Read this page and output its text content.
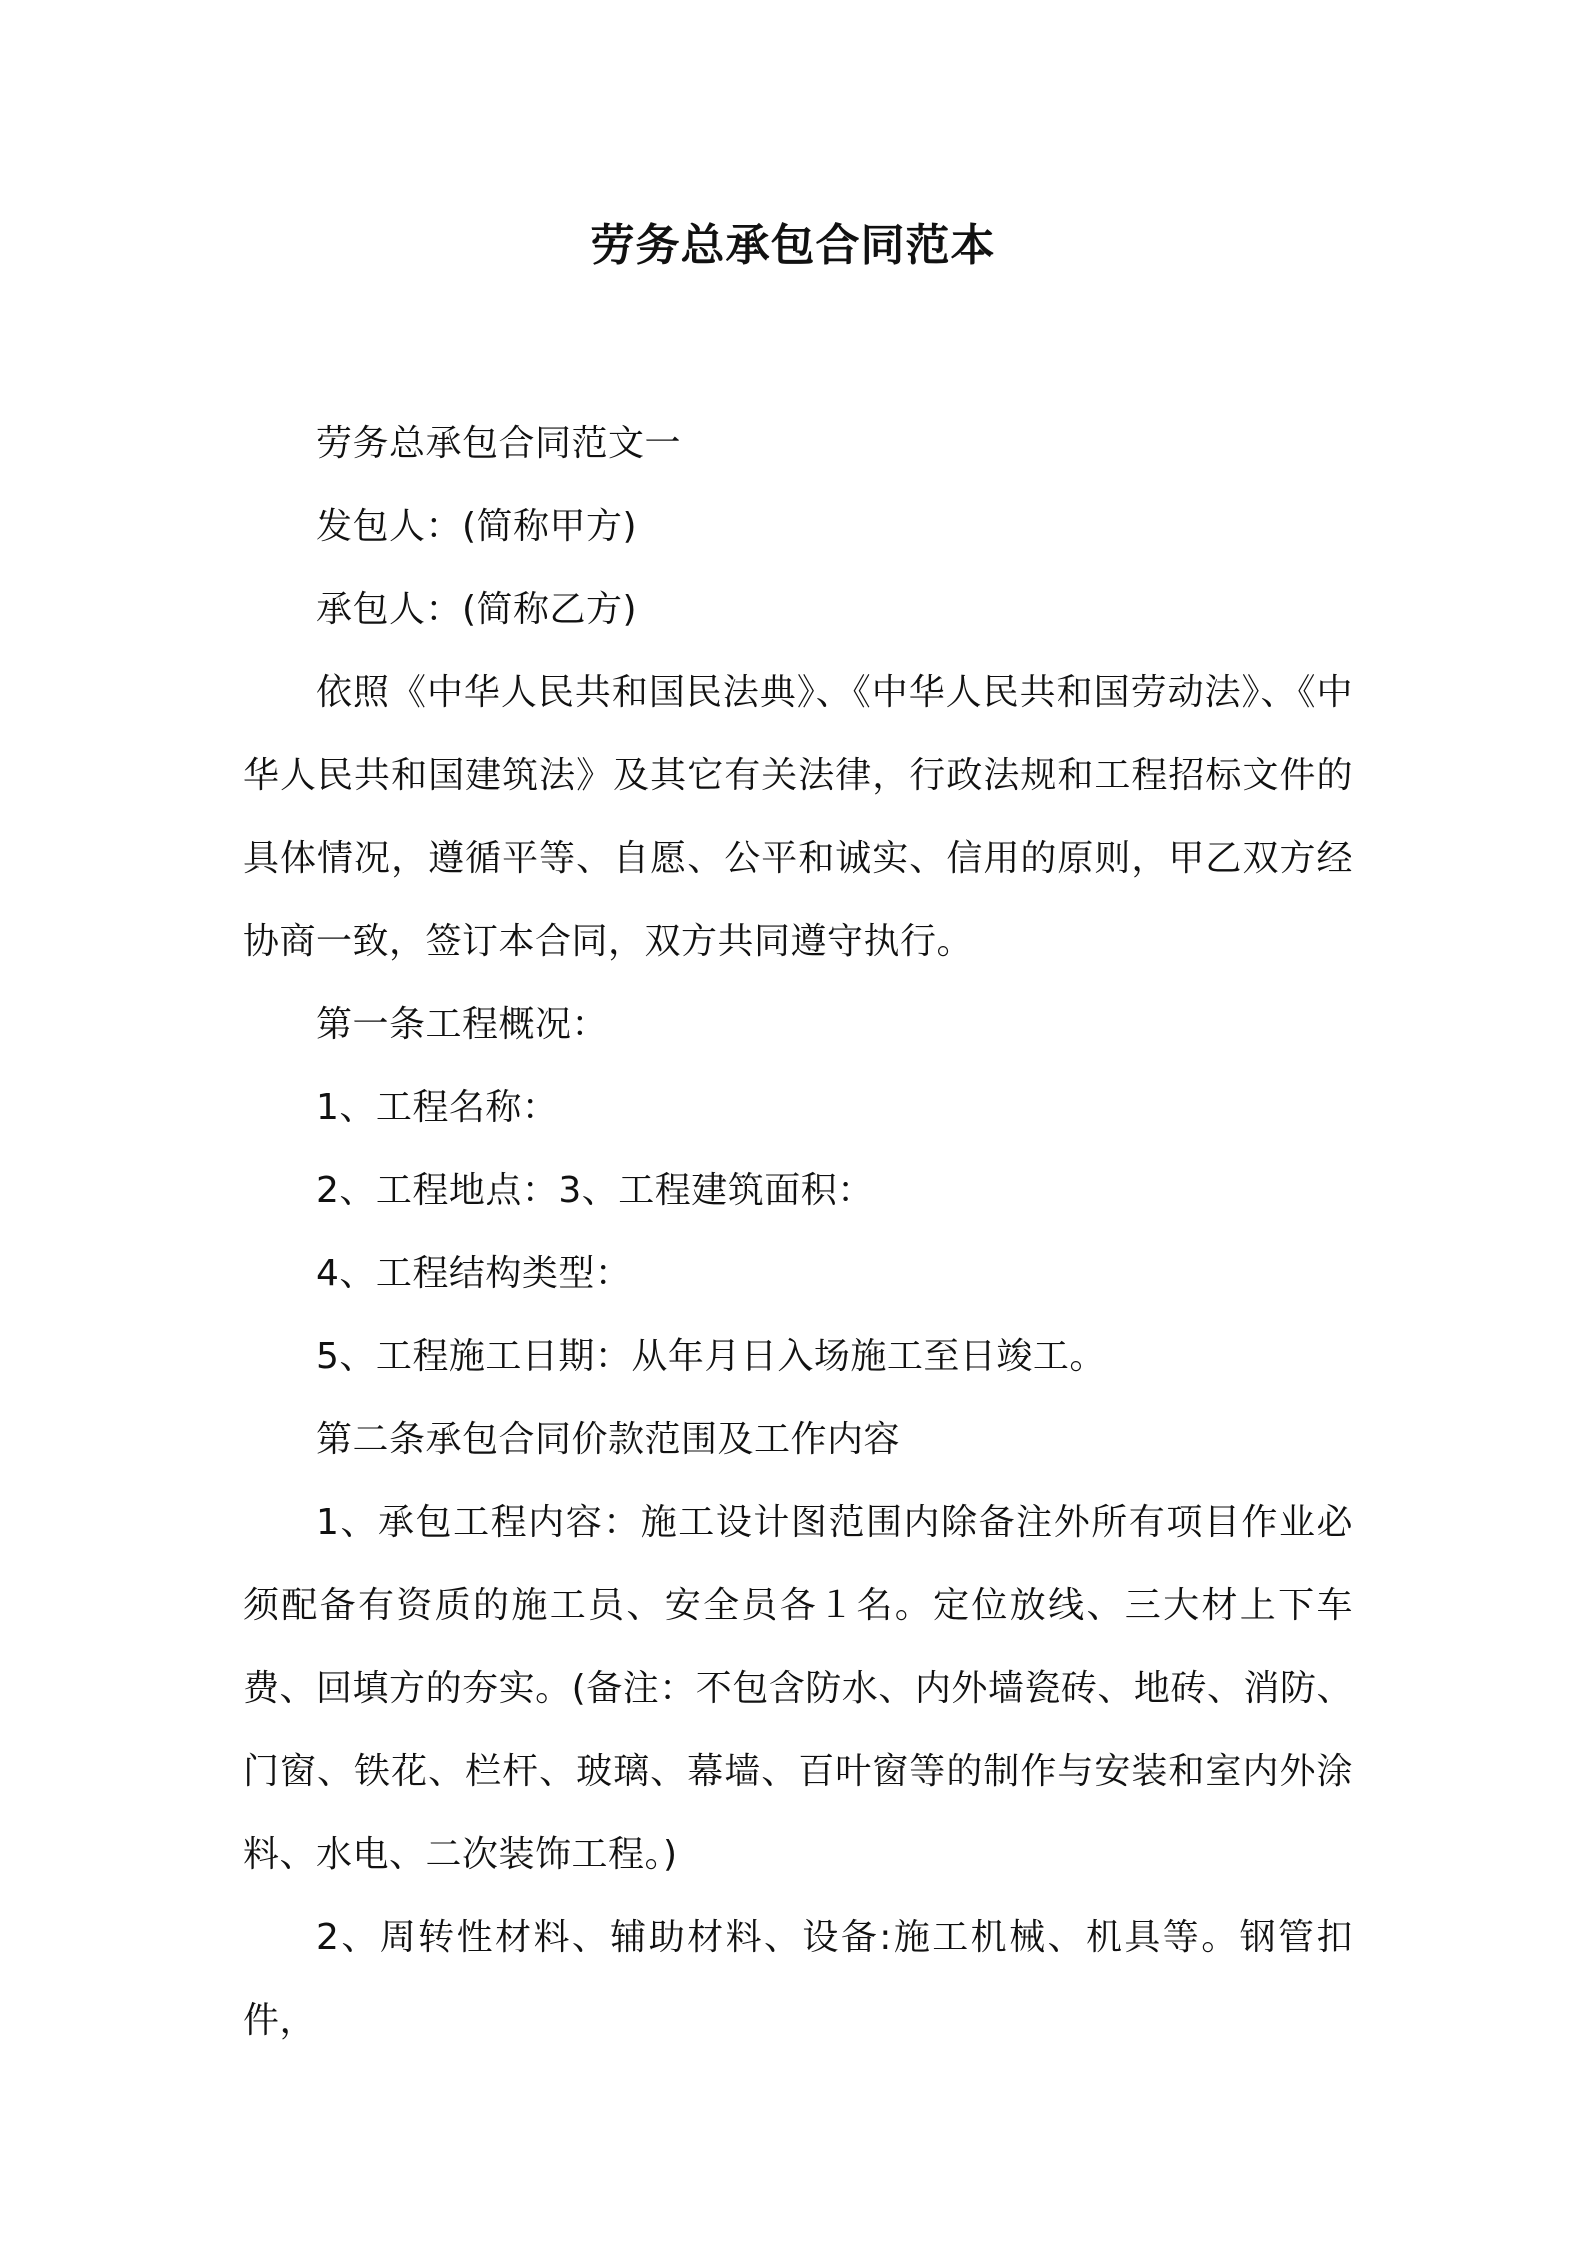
劳务总承包合同范本

劳务总承包合同范文一

发包人：(简称甲方)

承包人：(简称乙方)

依照《中华人民共和国民法典》、《中华人民共和国劳动法》、《中华人民共和国建筑法》及其它有关法律，行政法规和工程招标文件的具体情况，遵循平等、自愿、公平和诚实、信用的原则，甲乙双方经协商一致，签订本合同，双方共同遵守执行。

第一条工程概况：

1、工程名称：

2、工程地点：3、工程建筑面积：

4、工程结构类型：

5、工程施工日期：从年月日入场施工至日竣工。

第二条承包合同价款范围及工作内容

1、承包工程内容：施工设计图范围内除备注外所有项目作业必须配备有资质的施工员、安全员各１名。定位放线、三大材上下车费、回填方的夯实。(备注：不包含防水、内外墙瓷砖、地砖、消防、门窗、铁花、栏杆、玻璃、幕墙、百叶窗等的制作与安装和室内外涂料、水电、二次装饰工程。)

2、周转性材料、辅助材料、设备:施工机械、机具等。钢管扣件，
